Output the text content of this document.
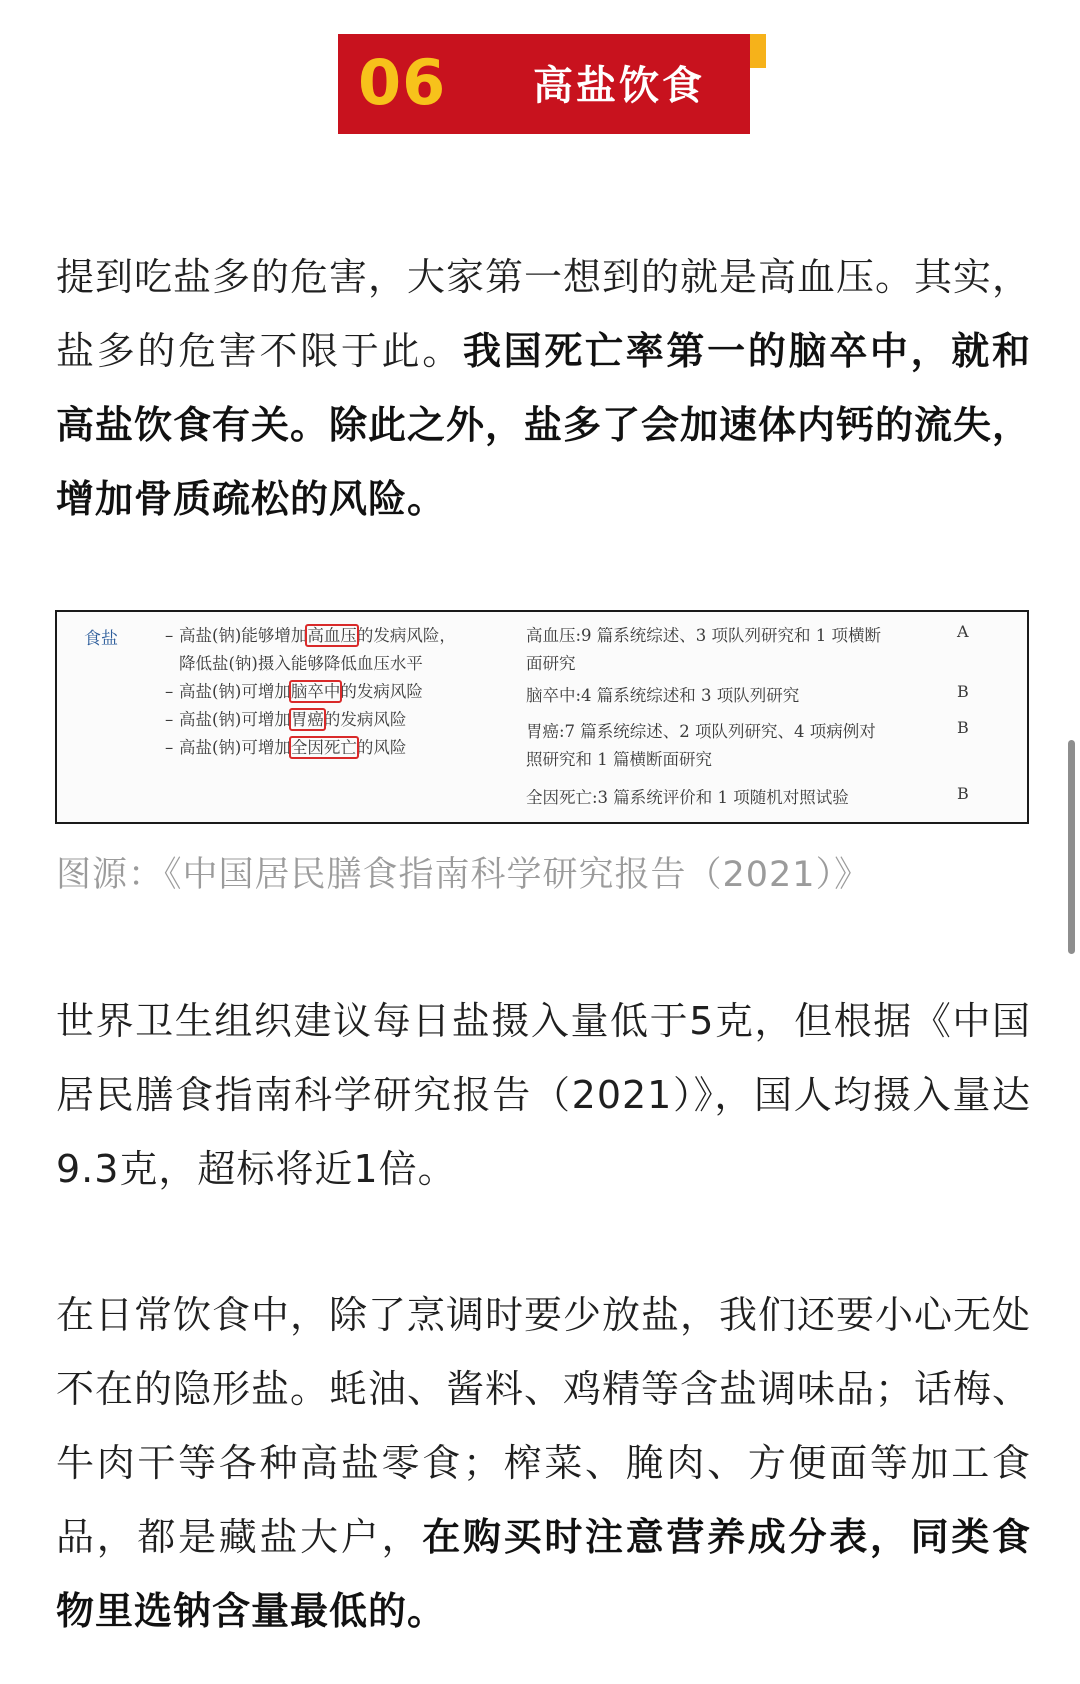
06 高盐饮食

提到吃盐多的危害，大家第一想到的就是高血压。其实，盐多的危害不限于此。我国死亡率第一的脑卒中，就和高盐饮食有关。除此之外，盐多了会加速体内钙的流失，增加骨质疏松的风险。

食盐	– 高盐(钠)能够增加高血压的发病风险，
降低盐(钠)摄入能够降低血压水平
– 高盐(钠)可增加脑卒中的发病风险
– 高盐(钠)可增加胃癌的发病风险
– 高盐(钠)可增加全因死亡的风险
高血压:9 篇系统综述、3 项队列研究和 1 项横断
面研究
脑卒中:4 篇系统综述和 3 项队列研究
胃癌:7 篇系统综述、2 项队列研究、4 项病例对
照研究和 1 篇横断面研究
全因死亡:3 篇系统评价和 1 项随机对照试验
A
B
B
B
图源：《中国居民膳食指南科学研究报告（2021）》

世界卫生组织建议每日盐摄入量低于5克，但根据《中国居民膳食指南科学研究报告（2021）》，国人均摄入量达9.3克，超标将近1倍。

在日常饮食中，除了烹调时要少放盐，我们还要小心无处不在的隐形盐。蚝油、酱料、鸡精等含盐调味品；话梅、牛肉干等各种高盐零食；榨菜、腌肉、方便面等加工食品，都是藏盐大户，在购买时注意营养成分表，同类食物里选钠含量最低的。
